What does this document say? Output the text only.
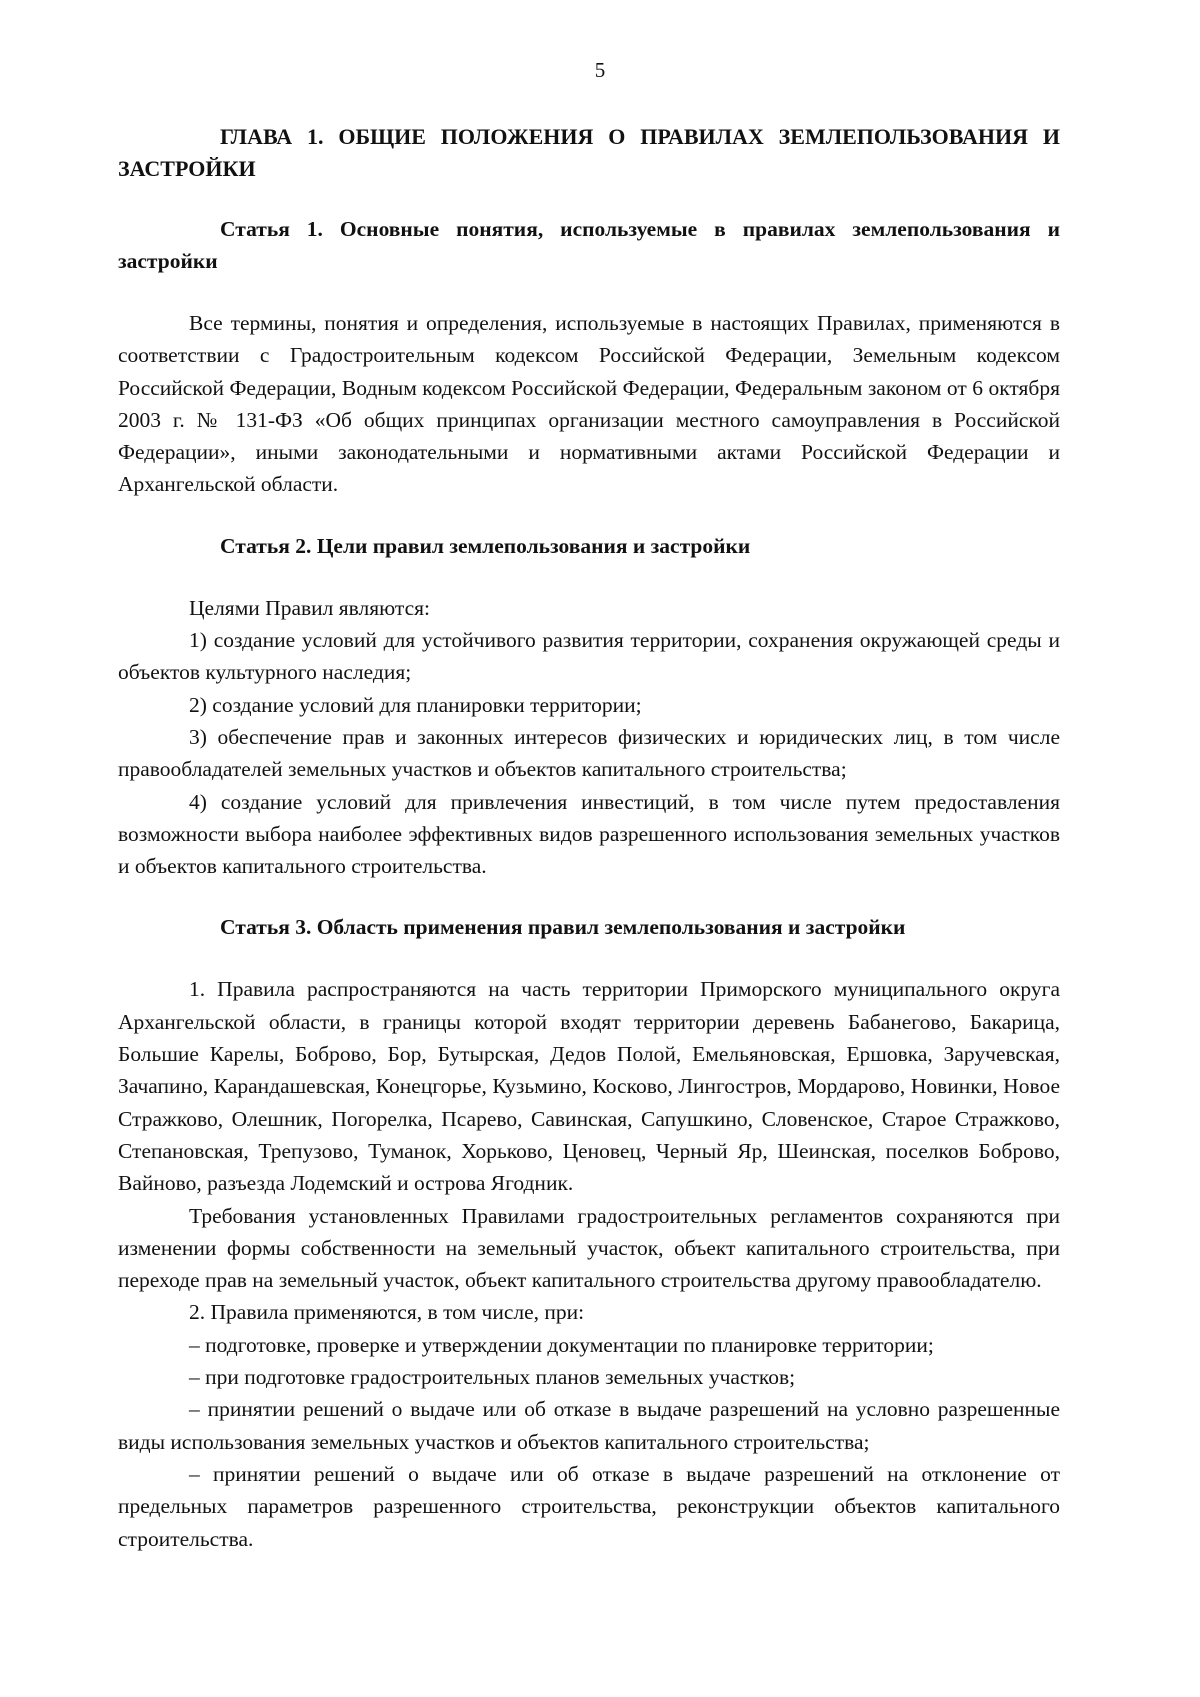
5
ГЛАВА 1. ОБЩИЕ ПОЛОЖЕНИЯ О ПРАВИЛАХ ЗЕМЛЕПОЛЬЗОВАНИЯ И ЗАСТРОЙКИ
Статья 1. Основные понятия, используемые в правилах землепользования и застройки

Все термины, понятия и определения, используемые в настоящих Правилах, применяются в соответствии с Градостроительным кодексом Российской Федерации, Земельным кодексом Российской Федерации, Водным кодексом Российской Федерации, Федеральным законом от 6 октября 2003 г. № 131-ФЗ «Об общих принципах организации местного самоуправления в Российской Федерации», иными законодательными и нормативными актами Российской Федерации и Архангельской области.

Статья 2. Цели правил землепользования и застройки

Целями Правил являются:

1) создание условий для устойчивого развития территории, сохранения окружающей среды и объектов культурного наследия;

2) создание условий для планировки территории;

3) обеспечение прав и законных интересов физических и юридических лиц, в том числе правообладателей земельных участков и объектов капитального строительства;

4) создание условий для привлечения инвестиций, в том числе путем предоставления возможности выбора наиболее эффективных видов разрешенного использования земельных участков и объектов капитального строительства.

Статья 3. Область применения правил землепользования и застройки

1. Правила распространяются на часть территории Приморского муниципального округа Архангельской области, в границы которой входят территории деревень Бабанегово, Бакарица, Большие Карелы, Боброво, Бор, Бутырская, Дедов Полой, Емельяновская, Ершовка, Заручевская, Зачапино, Карандашевская, Конецгорье, Кузьмино, Косково, Лингостров, Мордарово, Новинки, Новое Стражково, Олешник, Погорелка, Псарево, Савинская, Сапушкино, Словенское, Старое Стражково, Степановская, Трепузово, Туманок, Хорьково, Ценовец, Черный Яр, Шеинская, поселков Боброво, Вайново, разъезда Лодемский и острова Ягодник.

Требования установленных Правилами градостроительных регламентов сохраняются при изменении формы собственности на земельный участок, объект капитального строительства, при переходе прав на земельный участок, объект капитального строительства другому правообладателю.

2. Правила применяются, в том числе, при:

– подготовке, проверке и утверждении документации по планировке территории;

– при подготовке градостроительных планов земельных участков;

– принятии решений о выдаче или об отказе в выдаче разрешений на условно разрешенные виды использования земельных участков и объектов капитального строительства;

– принятии решений о выдаче или об отказе в выдаче разрешений на отклонение от предельных параметров разрешенного строительства, реконструкции объектов капитального строительства.
